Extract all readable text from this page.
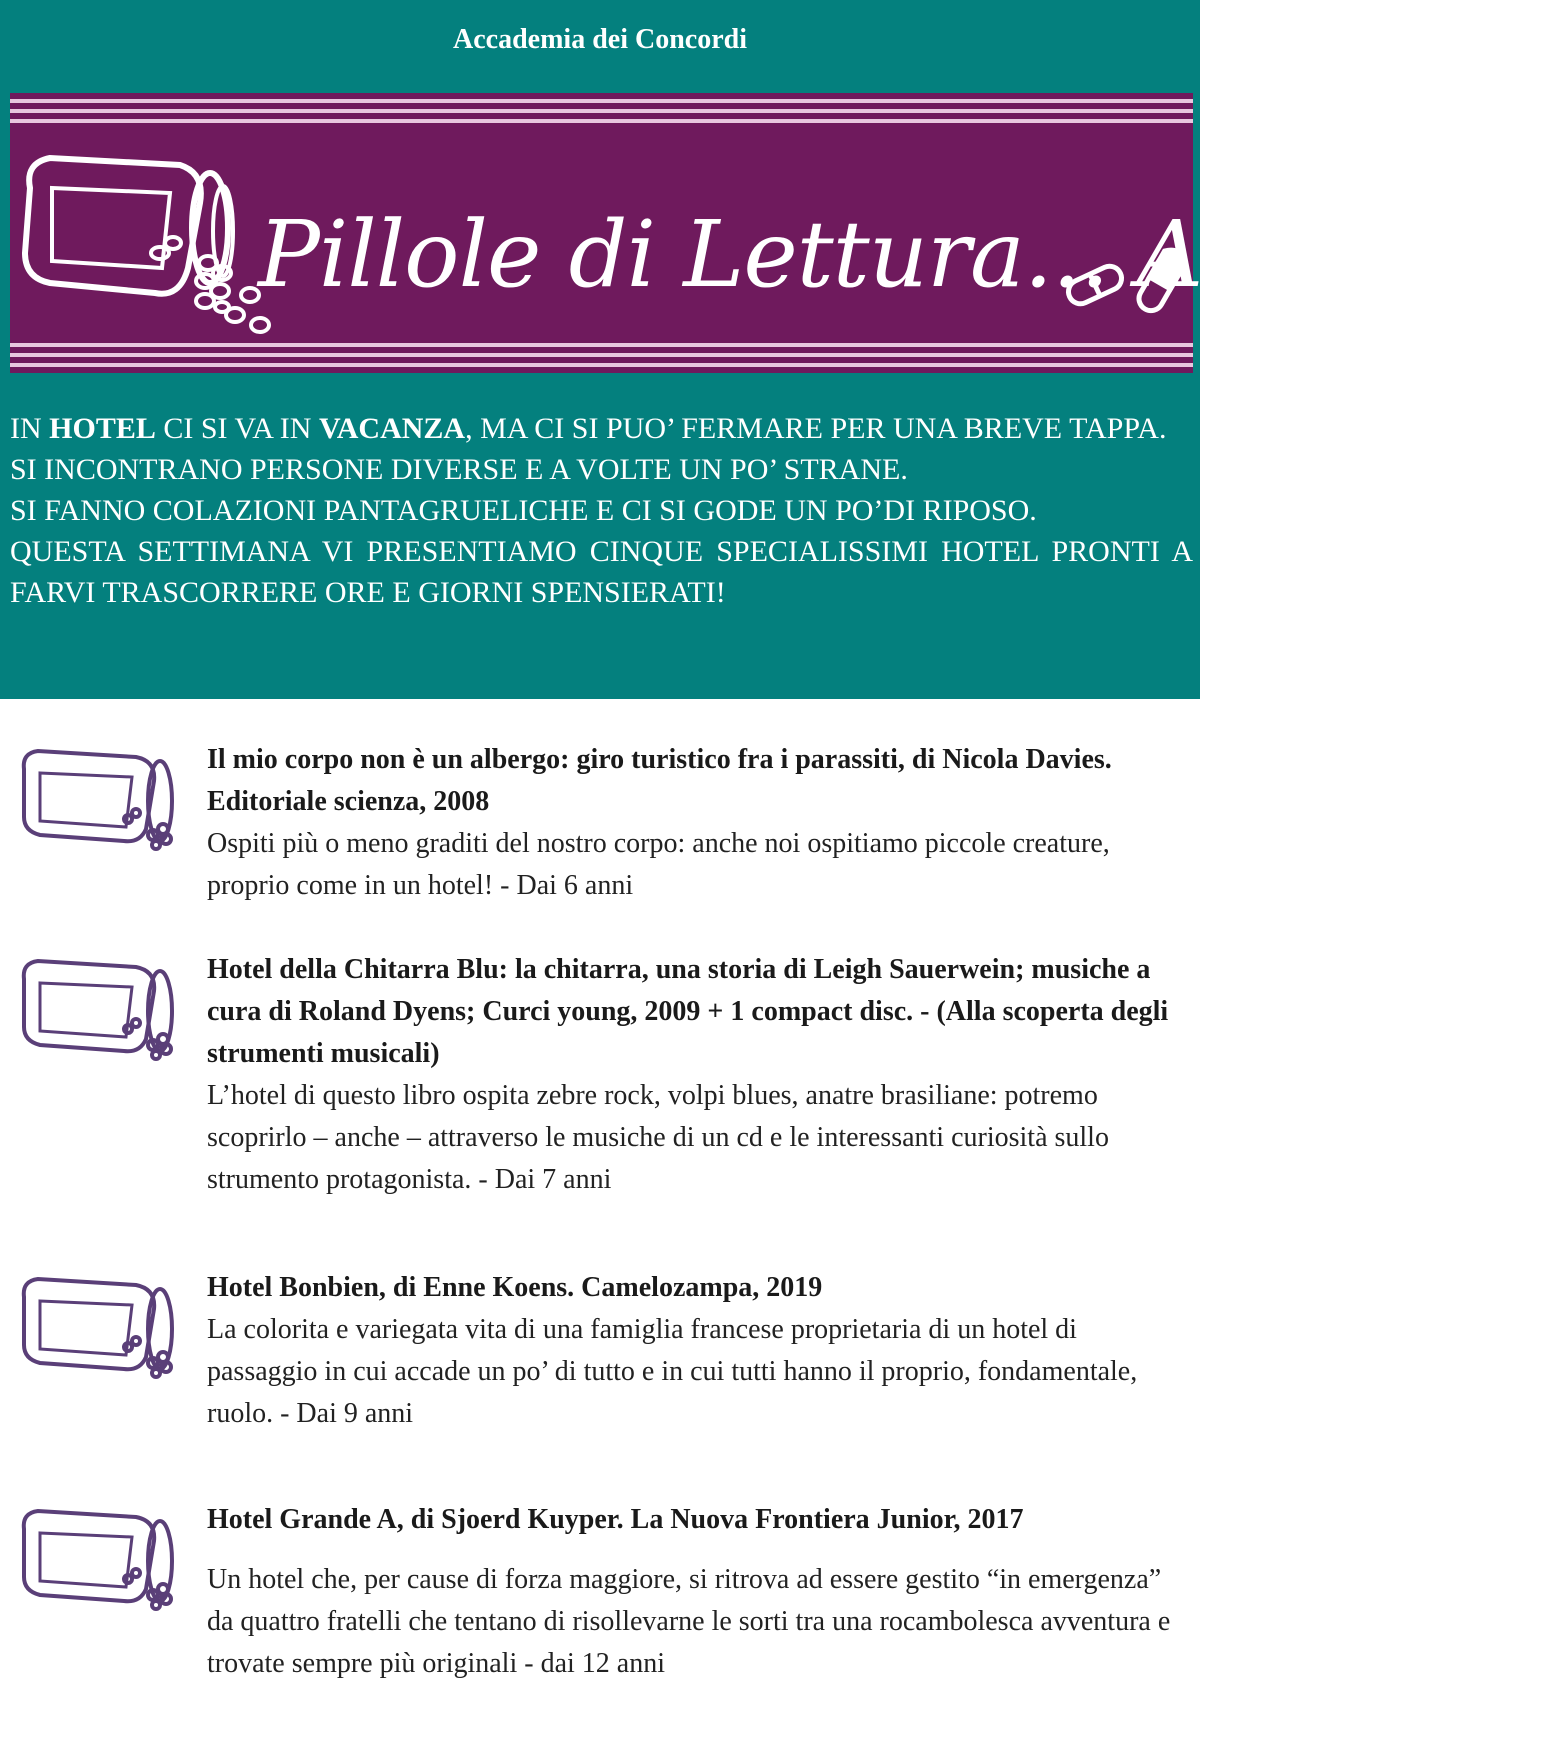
Accademia dei Concordi
Pillole di Lettura... Antivirus

IN HOTEL CI SI VA IN VACANZA, MA CI SI PUO’ FERMARE PER UNA BREVE TAPPA.

SI INCONTRANO PERSONE DIVERSE E A VOLTE UN PO’ STRANE.

SI FANNO COLAZIONI PANTAGRUELICHE E CI SI GODE UN PO’DI RIPOSO.

QUESTA SETTIMANA VI PRESENTIAMO CINQUE SPECIALISSIMI HOTEL PRONTI A FARVI TRASCORRERE ORE E GIORNI SPENSIERATI!

Il mio corpo non è un albergo: giro turistico fra i parassiti, di Nicola Davies. Editoriale scienza, 2008

Ospiti più o meno graditi del nostro corpo: anche noi ospitiamo piccole creature, proprio come in un hotel! - Dai 6 anni

Hotel della Chitarra Blu: la chitarra, una storia di Leigh Sauerwein; musiche a cura di Roland Dyens; Curci young, 2009 + 1 compact disc. - (Alla scoperta degli strumenti musicali)

L’hotel di questo libro ospita zebre rock, volpi blues, anatre brasiliane: potremo scoprirlo – anche – attraverso le musiche di un cd e le interessanti curiosità sullo strumento protagonista. - Dai 7 anni

Hotel Bonbien, di Enne Koens. Camelozampa, 2019

La colorita e variegata vita di una famiglia francese proprietaria di un hotel di passaggio in cui accade un po’ di tutto e in cui tutti hanno il proprio, fondamentale, ruolo. - Dai 9 anni

Hotel Grande A, di Sjoerd Kuyper. La Nuova Frontiera Junior, 2017

Un hotel che, per cause di forza maggiore, si ritrova ad essere gestito “in emergenza” da quattro fratelli che tentano di risollevarne le sorti tra una rocambolesca avventura e trovate sempre più originali - dai 12 anni
